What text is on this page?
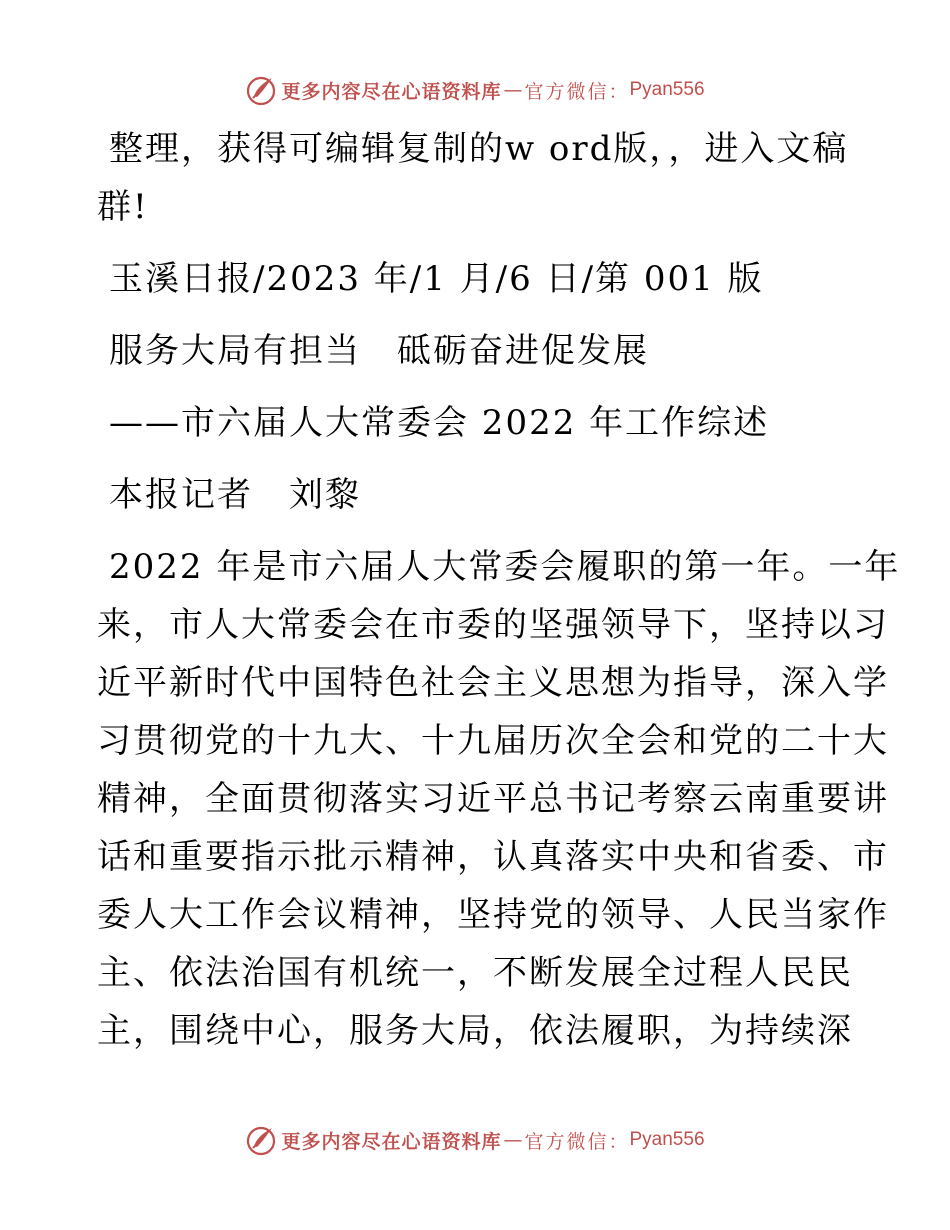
更多内容尽在心语资料库 — 官方微信： Pyan556
整理，获得可编辑复制的w ord版，，进入文稿
群!
玉溪日报/2023 年/1 月/6 日/第 001 版
服务大局有担当　砥砺奋进促发展
——市六届人大常委会 2022 年工作综述
本报记者　刘黎
2022 年是市六届人大常委会履职的第一年。一年
来，市人大常委会在市委的坚强领导下，坚持以习
近平新时代中国特色社会主义思想为指导，深入学
习贯彻党的十九大、十九届历次全会和党的二十大
精神，全面贯彻落实习近平总书记考察云南重要讲
话和重要指示批示精神，认真落实中央和省委、市
委人大工作会议精神，坚持党的领导、人民当家作
主、依法治国有机统一，不断发展全过程人民民
主，围绕中心，服务大局，依法履职，为持续深
更多内容尽在心语资料库 — 官方微信： Pyan556
